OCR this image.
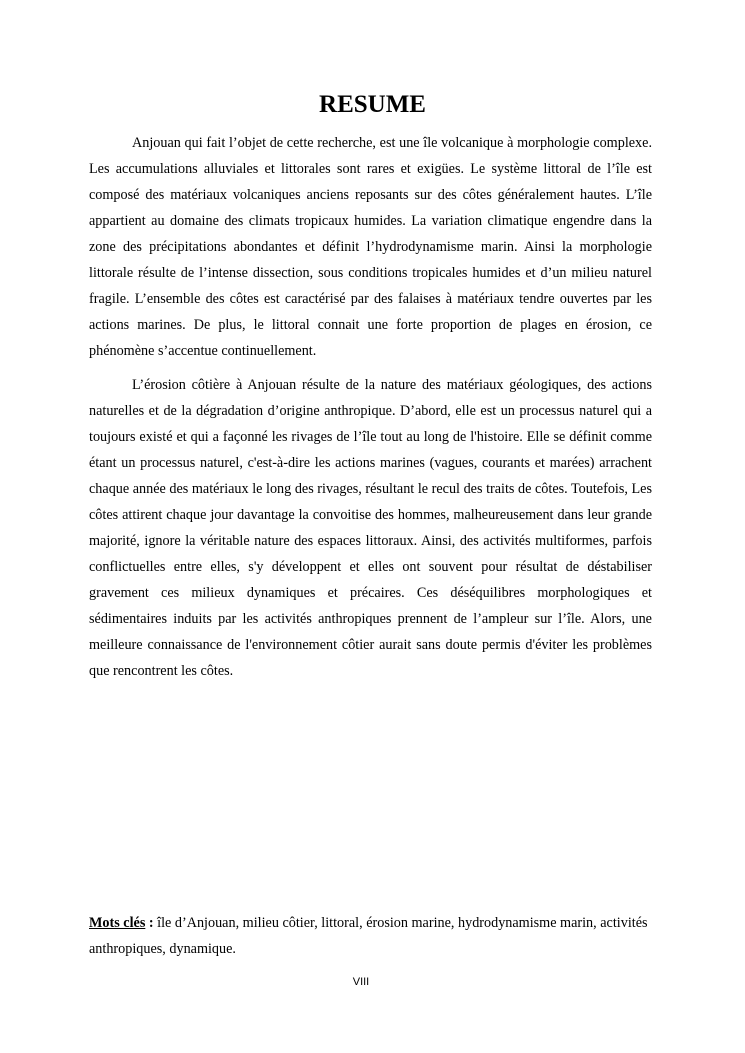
RESUME

Anjouan qui fait l’objet de cette recherche, est une île volcanique à morphologie complexe. Les accumulations alluviales et littorales sont rares et exigües. Le système littoral de l’île est composé des matériaux volcaniques anciens reposants sur des côtes généralement hautes. L’île appartient au domaine des climats tropicaux humides. La variation climatique engendre dans la zone des précipitations abondantes et définit l’hydrodynamisme marin. Ainsi la morphologie littorale résulte de l’intense dissection, sous conditions tropicales humides et d’un milieu naturel fragile. L’ensemble des côtes est caractérisé par des falaises à matériaux tendre ouvertes par les actions marines. De plus, le littoral connait une forte proportion de plages en érosion, ce phénomène s’accentue continuellement.

L’érosion côtière à Anjouan résulte de la nature des matériaux géologiques, des actions naturelles et de la dégradation d’origine anthropique. D’abord, elle est un processus naturel qui a toujours existé et qui a façonné les rivages de l’île tout au long de l'histoire. Elle se définit comme étant un processus naturel, c'est-à-dire les actions marines (vagues, courants et marées) arrachent chaque année des matériaux le long des rivages, résultant le recul des traits de côtes. Toutefois, Les côtes attirent chaque jour davantage la convoitise des hommes, malheureusement dans leur grande majorité, ignore la véritable nature des espaces littoraux. Ainsi, des activités multiformes, parfois conflictuelles entre elles, s'y développent et elles ont souvent pour résultat de déstabiliser gravement ces milieux dynamiques et précaires. Ces déséquilibres morphologiques et sédimentaires induits par les activités anthropiques prennent de l’ampleur sur l’île. Alors, une meilleure connaissance de l'environnement côtier aurait sans doute permis d'éviter les problèmes que rencontrent les côtes.

Mots clés : île d’Anjouan, milieu côtier, littoral, érosion marine, hydrodynamisme marin, activités anthropiques, dynamique.

VIII
